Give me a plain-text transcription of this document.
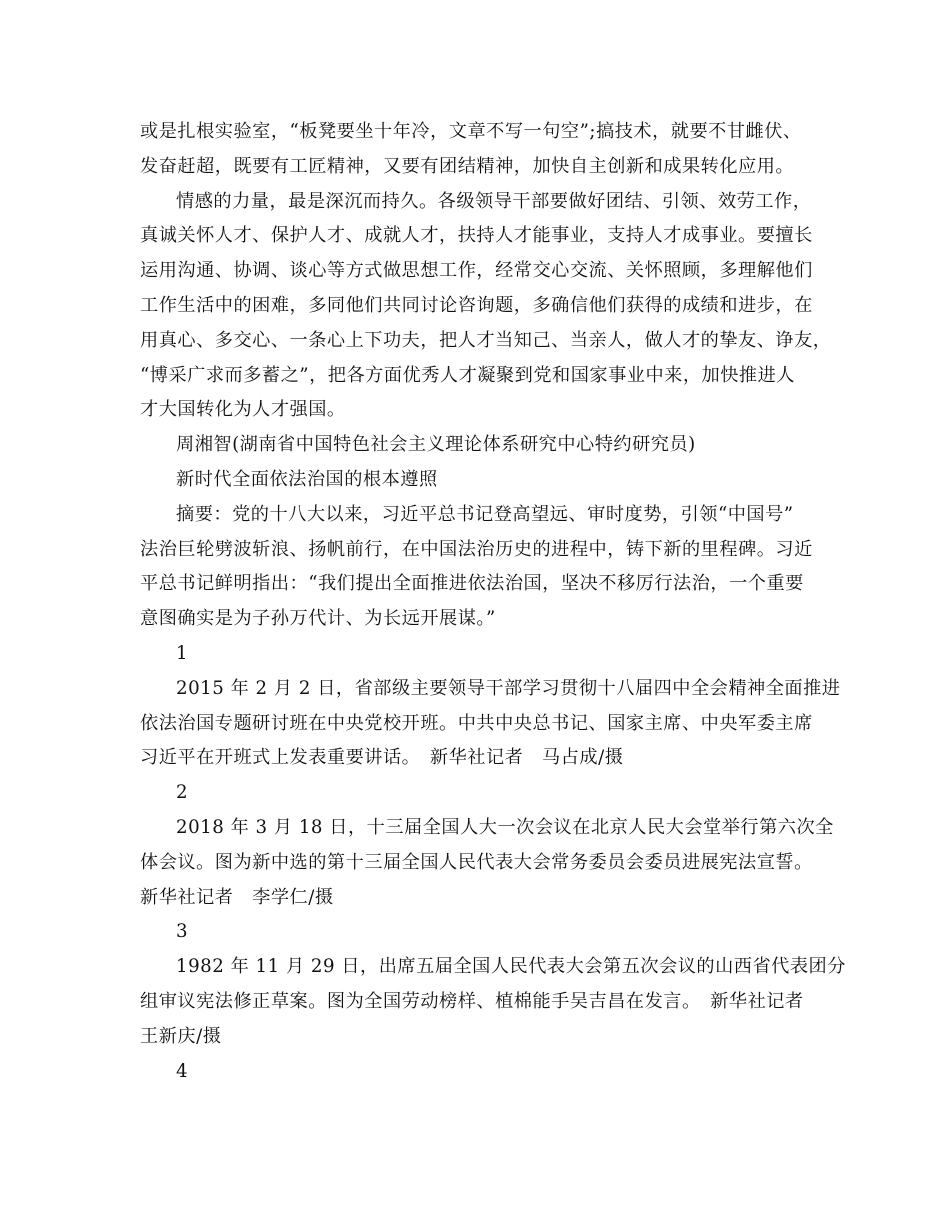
或是扎根实验室，“板凳要坐十年冷，文章不写一句空”;搞技术，就要不甘雌伏、
发奋赶超，既要有工匠精神，又要有团结精神，加快自主创新和成果转化应用。

情感的力量，最是深沉而持久。各级领导干部要做好团结、引领、效劳工作，
真诚关怀人才、保护人才、成就人才，扶持人才能事业，支持人才成事业。要擅长
运用沟通、协调、谈心等方式做思想工作，经常交心交流、关怀照顾，多理解他们
工作生活中的困难，多同他们共同讨论咨询题，多确信他们获得的成绩和进步，在
用真心、多交心、一条心上下功夫，把人才当知己、当亲人，做人才的挚友、诤友，
“博采广求而多蓄之”，把各方面优秀人才凝聚到党和国家事业中来，加快推进人
才大国转化为人才强国。

周湘智(湖南省中国特色社会主义理论体系研究中心特约研究员)

新时代全面依法治国的根本遵照

摘要：党的十八大以来，习近平总书记登高望远、审时度势，引领“中国号”
法治巨轮劈波斩浪、扬帆前行，在中国法治历史的进程中，铸下新的里程碑。习近
平总书记鲜明指出：“我们提出全面推进依法治国，坚决不移厉行法治，一个重要
意图确实是为子孙万代计、为长远开展谋。”

1

2015 年 2 月 2 日，省部级主要领导干部学习贯彻十八届四中全会精神全面推进
依法治国专题研讨班在中央党校开班。中共中央总书记、国家主席、中央军委主席
习近平在开班式上发表重要讲话。　新华社记者　马占成/摄

2

2018 年 3 月 18 日，十三届全国人大一次会议在北京人民大会堂举行第六次全
体会议。图为新中选的第十三届全国人民代表大会常务委员会委员进展宪法宣誓。
新华社记者　李学仁/摄

3

1982 年 11 月 29 日，出席五届全国人民代表大会第五次会议的山西省代表团分
组审议宪法修正草案。图为全国劳动榜样、植棉能手吴吉昌在发言。　新华社记者
王新庆/摄

4
